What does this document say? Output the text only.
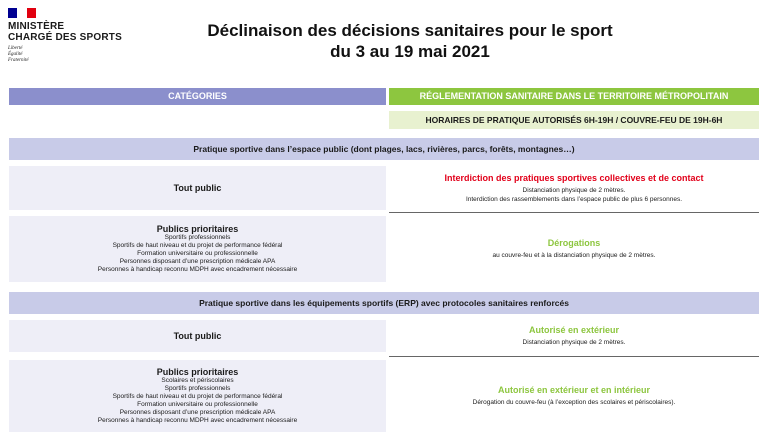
MINISTÈRE
CHARGÉ DES SPORTS
Liberté
Égalité
Fraternité
Déclinaison des décisions sanitaires pour le sport
du 3 au 19 mai 2021
CATÉGORIES	RÉGLEMENTATION SANITAIRE DANS LE TERRITOIRE MÉTROPOLITAIN
HORAIRES DE PRATIQUE AUTORISÉS 6H-19H / COUVRE-FEU DE 19H-6H
Pratique sportive dans l’espace public (dont plages, lacs, rivières, parcs, forêts, montagnes…)
Tout public
Interdiction des pratiques sportives collectives et de contact
Distanciation physique de 2 mètres.
Interdiction des rassemblements dans l’espace public de plus 6 personnes.
Publics prioritaires
Sportifs professionnels
Sportifs de haut niveau et du projet de performance fédéral
Formation universitaire ou professionnelle
Personnes disposant d’une prescription médicale APA
Personnes à handicap reconnu MDPH avec encadrement nécessaire
Dérogations
au couvre-feu et à la distanciation physique de 2 mètres.
Pratique sportive dans les équipements sportifs (ERP) avec protocoles sanitaires renforcés
Tout public
Autorisé en extérieur
Distanciation physique de 2 mètres.
Publics prioritaires
Scolaires et périscolaires
Sportifs professionnels
Sportifs de haut niveau et du projet de performance fédéral
Formation universitaire ou professionnelle
Personnes disposant d’une prescription médicale APA
Personnes à handicap reconnu MDPH avec encadrement nécessaire
Autorisé en extérieur et en intérieur
Dérogation du couvre-feu (à l’exception des scolaires et périscolaires).
